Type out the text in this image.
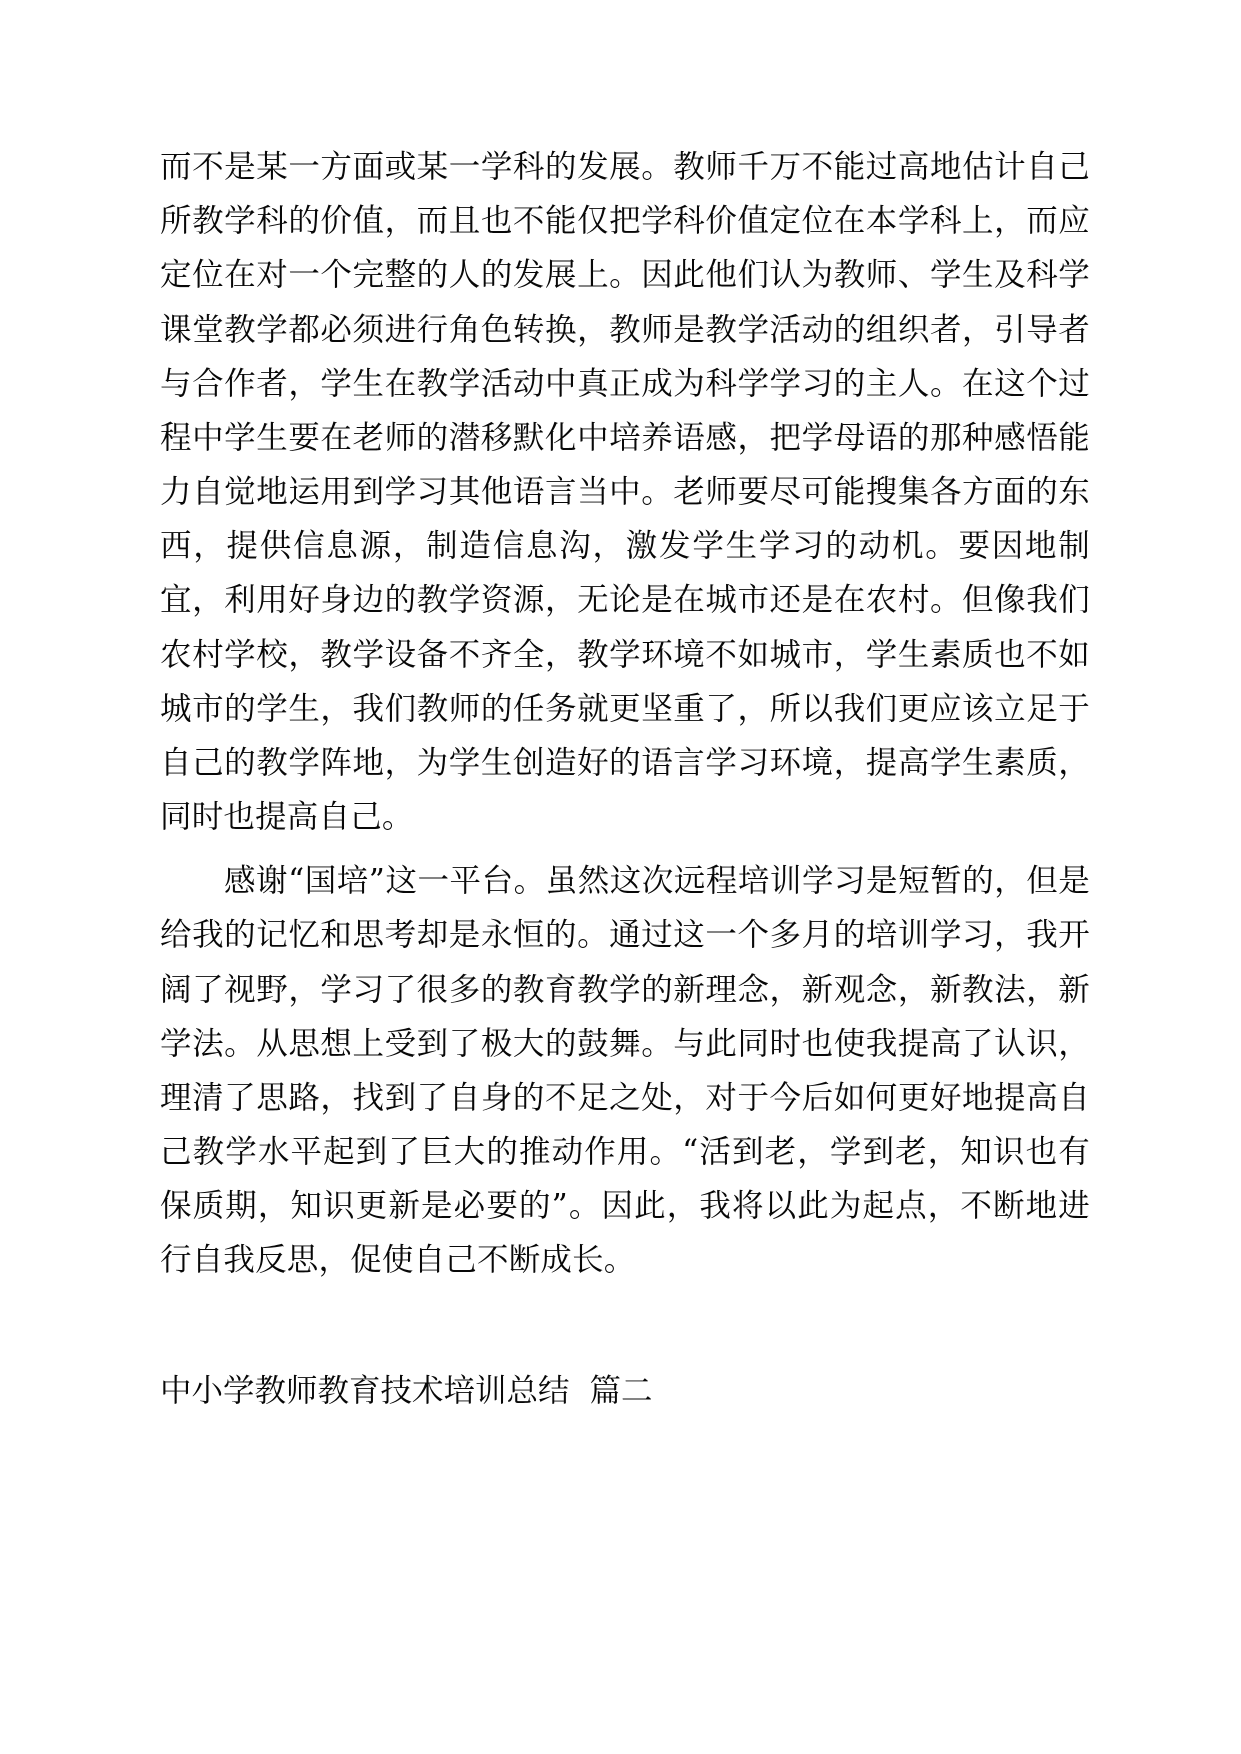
而不是某一方面或某一学科的发展。教师千万不能过高地估计自己所教学科的价值，而且也不能仅把学科价值定位在本学科上，而应定位在对一个完整的人的发展上。因此他们认为教师、学生及科学课堂教学都必须进行角色转换，教师是教学活动的组织者，引导者与合作者，学生在教学活动中真正成为科学学习的主人。在这个过程中学生要在老师的潜移默化中培养语感，把学母语的那种感悟能力自觉地运用到学习其他语言当中。老师要尽可能搜集各方面的东西，提供信息源，制造信息沟，激发学生学习的动机。要因地制宜，利用好身边的教学资源，无论是在城市还是在农村。但像我们农村学校，教学设备不齐全，教学环境不如城市，学生素质也不如城市的学生，我们教师的任务就更坚重了，所以我们更应该立足于自己的教学阵地，为学生创造好的语言学习环境，提高学生素质，同时也提高自己。

感谢“国培”这一平台。虽然这次远程培训学习是短暂的，但是给我的记忆和思考却是永恒的。通过这一个多月的培训学习，我开阔了视野，学习了很多的教育教学的新理念，新观念，新教法，新学法。从思想上受到了极大的鼓舞。与此同时也使我提高了认识，理清了思路，找到了自身的不足之处，对于今后如何更好地提高自己教学水平起到了巨大的推动作用。“活到老，学到老，知识也有保质期，知识更新是必要的”。因此，我将以此为起点，不断地进行自我反思，促使自己不断成长。

中小学教师教育技术培训总结  篇二
